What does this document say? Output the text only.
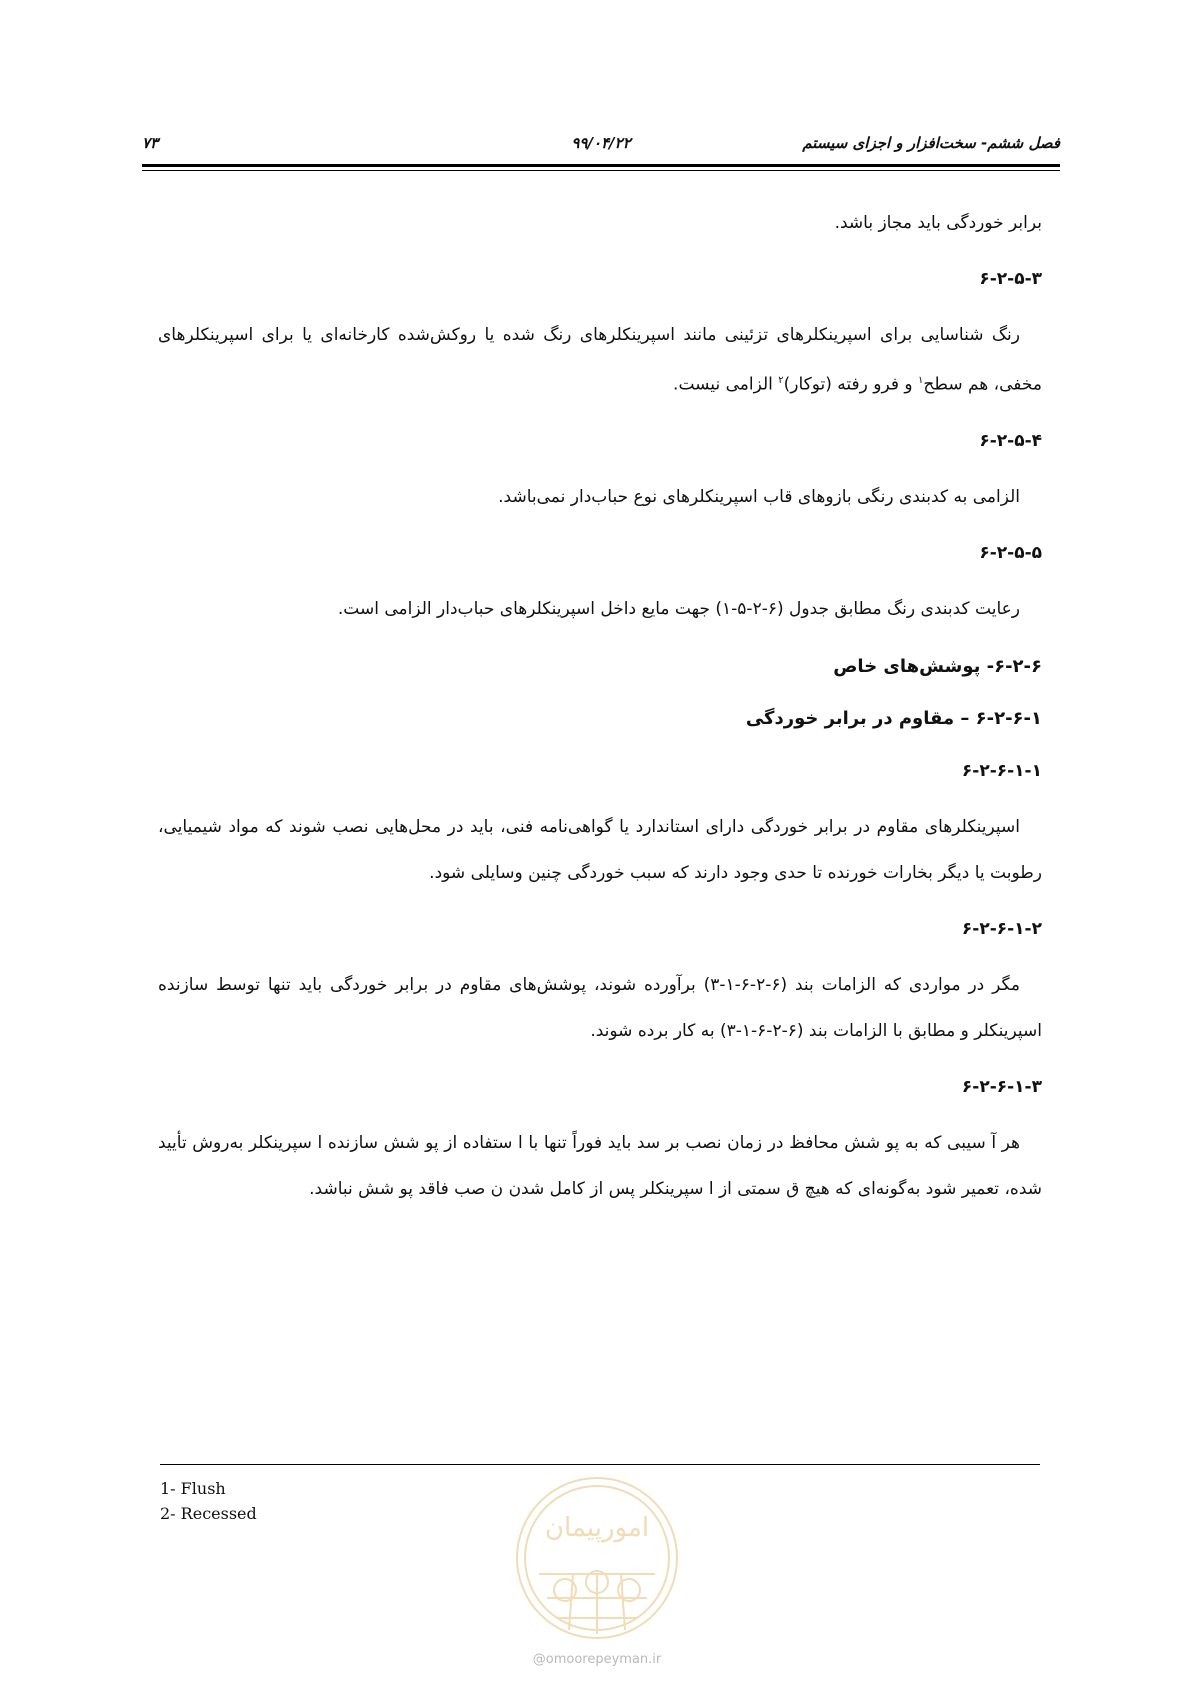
فصل ششم- سخت‌افزار و اجزای سیستم
۹۹/۰۴/۲۲
۷۳
برابر خوردگی باید مجاز باشد.
۶-۲-۵-۳
رنگ شناسایی برای اسپرینکلرهای تزئینی مانند اسپرینکلرهای رنگ شده یا روکش‌شده کارخانه‌ای یا برای اسپرینکلرهای مخفی، هم سطح$^۱$ و فرو رفته (توکار)$^۲$ الزامی نیست.
۶-۲-۵-۴
الزامی به کدبندی رنگی بازوهای قاب اسپرینکلرهای نوع حباب‌دار نمی‌باشد.
۶-۲-۵-۵
رعایت کدبندی رنگ مطابق جدول (۶-۲-۵-۱) جهت مایع داخل اسپرینکلرهای حباب‌دار الزامی است.
۶-۲-۶- پوشش‌های خاص
۶-۲-۶-۱ – مقاوم در برابر خوردگی
۶-۲-۶-۱-۱
اسپرینکلرهای مقاوم در برابر خوردگی دارای استاندارد یا گواهی‌نامه فنی، باید در محل‌هایی نصب شوند که مواد شیمیایی، رطوبت یا دیگر بخارات خورنده تا حدی وجود دارند که سبب خوردگی چنین وسایلی شود.
۶-۲-۶-۱-۲
مگر در مواردی که الزامات بند (۶-۲-۶-۱-۳) برآورده شوند، پوشش‌های مقاوم در برابر خوردگی باید تنها توسط سازنده اسپرینکلر و مطابق با الزامات بند (۶-۲-۶-۱-۳) به کار برده شوند.
۶-۲-۶-۱-۳
هر آ سیبی که به پو شش محافظ در زمان نصب بر سد باید فوراً تنها با ا ستفاده از پو شش سازنده ا سپرینکلر به‌روش تأیید شده، تعمیر شود به‌گونه‌ای که هیچ ق سمتی از ا سپرینکلر پس از کامل شدن ن صب فاقد پو شش نباشد.
1- Flush
2- Recessed	امورپیمان
@omoorepeyman.ir
